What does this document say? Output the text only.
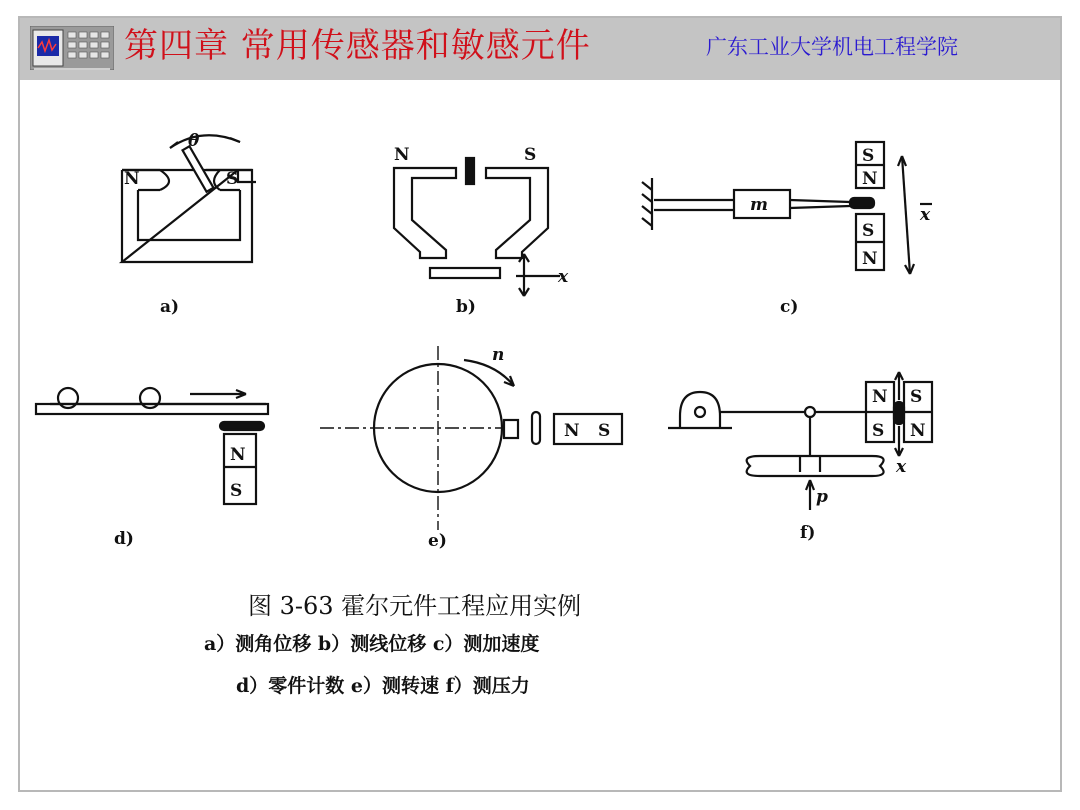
第四章 常用传感器和敏感元件	广东工业大学机电工程学院
N	S
θ
a)
N	S
x
b)
m
S
N
S
N
x
c)
N
S
d)
n
N S
e)
N S
S N
x
p
f)
图 3-63 霍尔元件工程应用实例
a）测角位移 b）测线位移 c）测加速度
d）零件计数 e）测转速 f）测压力
